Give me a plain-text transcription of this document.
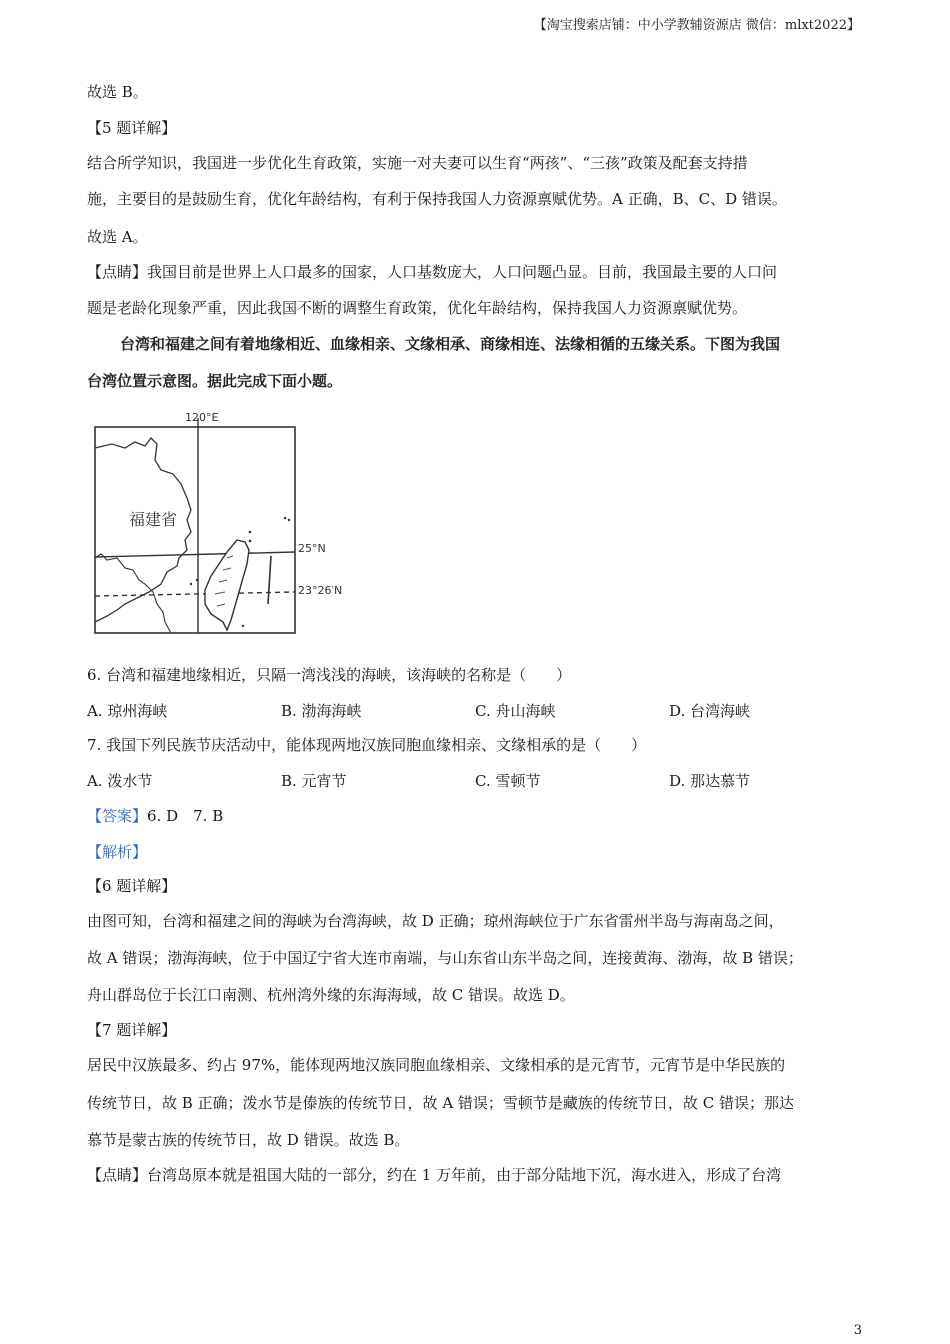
【淘宝搜索店铺：中小学教辅资源店 微信：mlxt2022】
故选 B。
【5 题详解】
结合所学知识，我国进一步优化生育政策，实施一对夫妻可以生育“两孩”、“三孩”政策及配套支持措
施，主要目的是鼓励生育，优化年龄结构，有利于保持我国人力资源禀赋优势。A 正确，B、C、D 错误。
故选 A。
【点睛】我国目前是世界上人口最多的国家，人口基数庞大，人口问题凸显。目前，我国最主要的人口问
题是老龄化现象严重，因此我国不断的调整生育政策，优化年龄结构，保持我国人力资源禀赋优势。
台湾和福建之间有着地缘相近、血缘相亲、文缘相承、商缘相连、法缘相循的五缘关系。下图为我国
台湾位置示意图。据此完成下面小题。
120°E
福建省
25°N
23°26′N
6. 台湾和福建地缘相近，只隔一湾浅浅的海峡，该海峡的名称是（　　）
A. 琼州海峡	B. 渤海海峡	C. 舟山海峡	D. 台湾海峡
7. 我国下列民族节庆活动中，能体现两地汉族同胞血缘相亲、文缘相承的是（　　）
A. 泼水节	B. 元宵节	C. 雪顿节	D. 那达慕节
【答案】6. D　7. B
【解析】
【6 题详解】
由图可知，台湾和福建之间的海峡为台湾海峡，故 D 正确；琼州海峡位于广东省雷州半岛与海南岛之间，
故 A 错误；渤海海峡，位于中国辽宁省大连市南端，与山东省山东半岛之间，连接黄海、渤海，故 B 错误；
舟山群岛位于长江口南测、杭州湾外缘的东海海域，故 C 错误。故选 D。
【7 题详解】
居民中汉族最多、约占 97%，能体现两地汉族同胞血缘相亲、文缘相承的是元宵节，元宵节是中华民族的
传统节日，故 B 正确；泼水节是傣族的传统节日，故 A 错误；雪顿节是藏族的传统节日，故 C 错误；那达
慕节是蒙古族的传统节日，故 D 错误。故选 B。
【点睛】台湾岛原本就是祖国大陆的一部分，约在 1 万年前，由于部分陆地下沉，海水进入，形成了台湾
3
